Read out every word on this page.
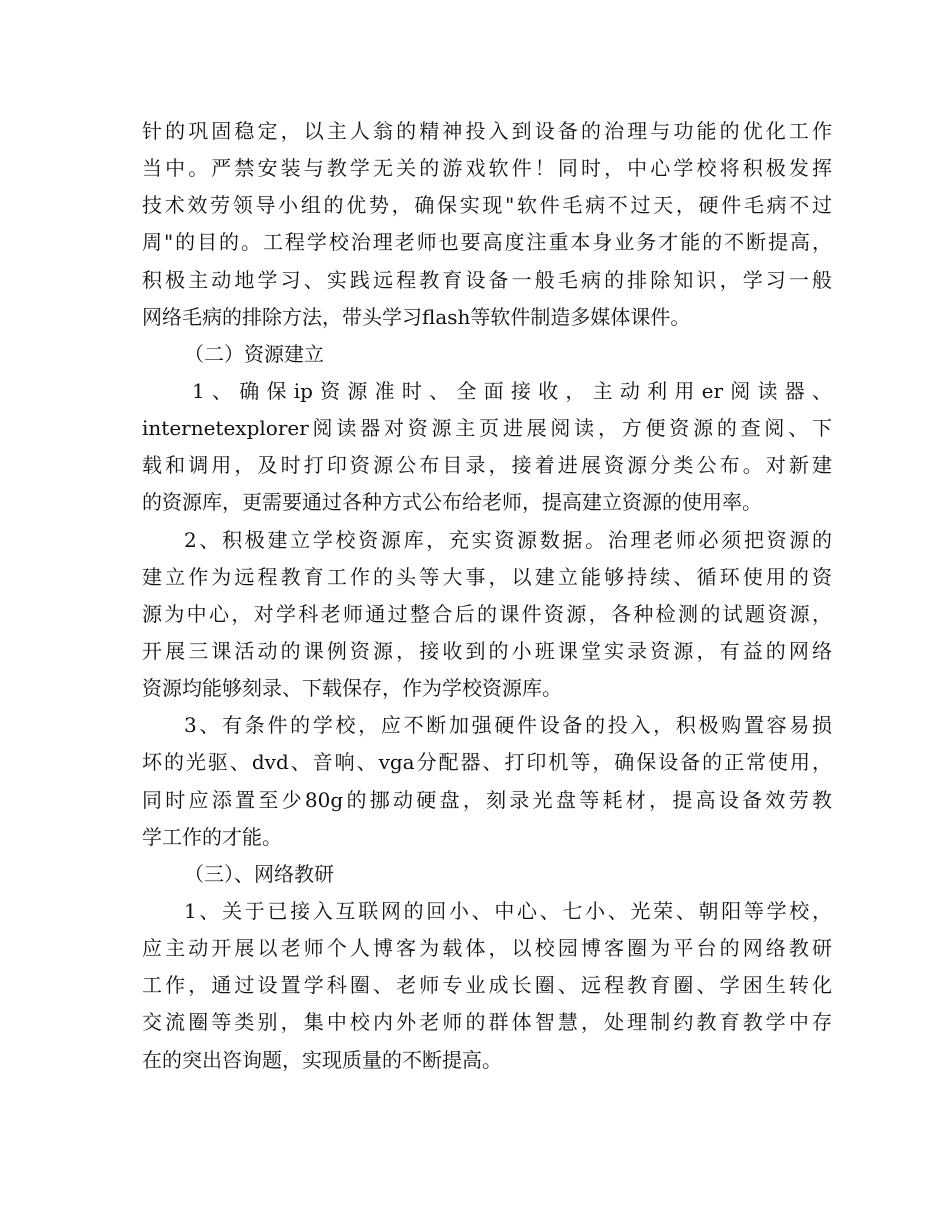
针的巩固稳定，以主人翁的精神投入到设备的治理与功能的优化工作
当中。严禁安装与教学无关的游戏软件！同时，中心学校将积极发挥
技术效劳领导小组的优势，确保实现"软件毛病不过天，硬件毛病不过
周"的目的。工程学校治理老师也要高度注重本身业务才能的不断提高，
积极主动地学习、实践远程教育设备一般毛病的排除知识，学习一般
网络毛病的排除方法，带头学习flash等软件制造多媒体课件。
（二）资源建立
1、确保ip资源准时、全面接收，主动利用er阅读器、
internetexplorer阅读器对资源主页进展阅读，方便资源的查阅、下
载和调用，及时打印资源公布目录，接着进展资源分类公布。对新建
的资源库，更需要通过各种方式公布给老师，提高建立资源的使用率。
2、积极建立学校资源库，充实资源数据。治理老师必须把资源的
建立作为远程教育工作的头等大事，以建立能够持续、循环使用的资
源为中心，对学科老师通过整合后的课件资源，各种检测的试题资源，
开展三课活动的课例资源，接收到的小班课堂实录资源，有益的网络
资源均能够刻录、下载保存，作为学校资源库。
3、有条件的学校，应不断加强硬件设备的投入，积极购置容易损
坏的光驱、dvd、音响、vga分配器、打印机等，确保设备的正常使用，
同时应添置至少80g的挪动硬盘，刻录光盘等耗材，提高设备效劳教
学工作的才能。
（三）、网络教研
1、关于已接入互联网的回小、中心、七小、光荣、朝阳等学校，
应主动开展以老师个人博客为载体，以校园博客圈为平台的网络教研
工作，通过设置学科圈、老师专业成长圈、远程教育圈、学困生转化
交流圈等类别，集中校内外老师的群体智慧，处理制约教育教学中存
在的突出咨询题，实现质量的不断提高。
